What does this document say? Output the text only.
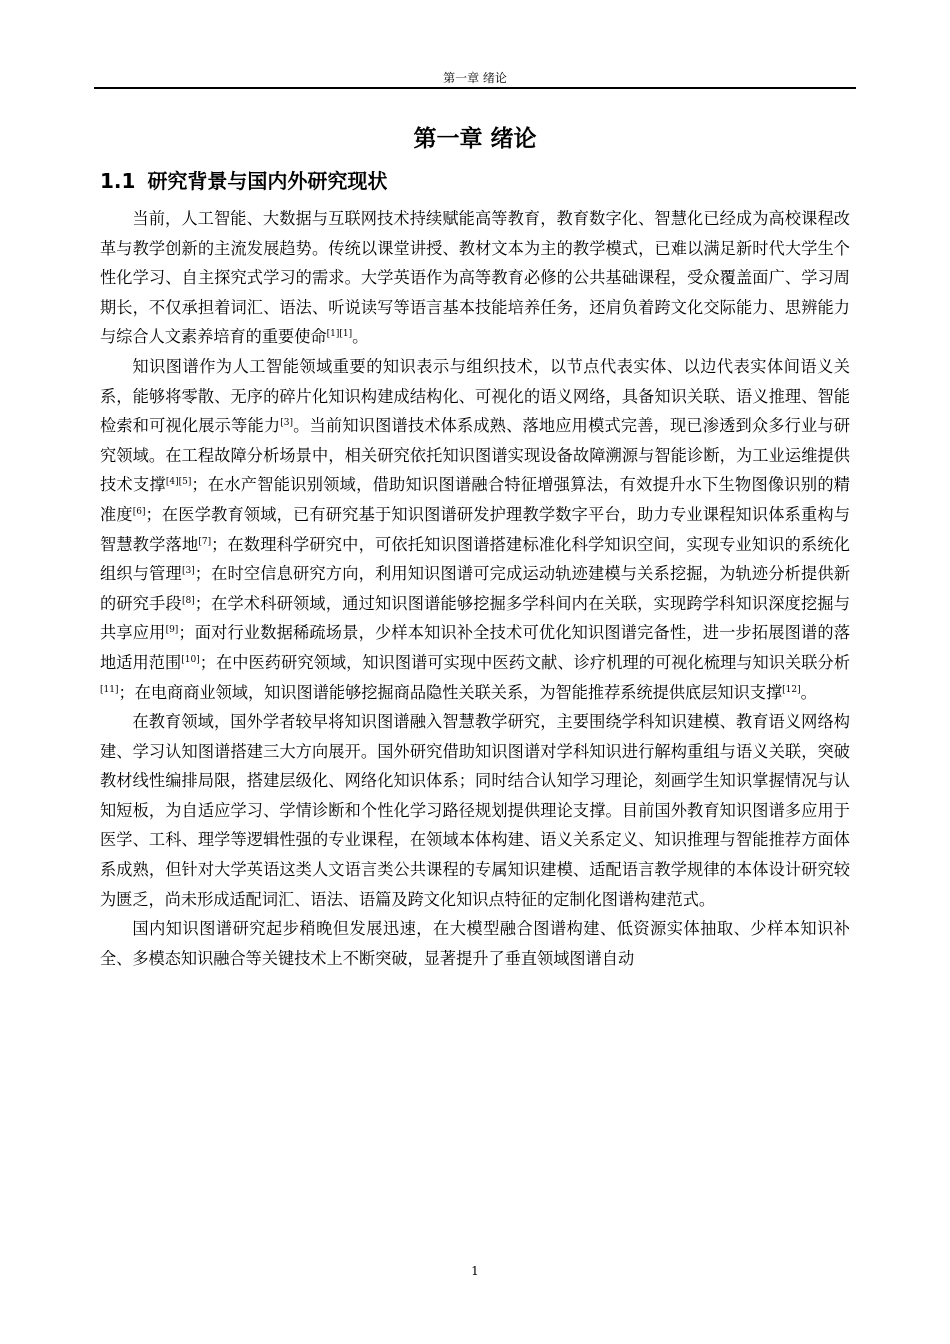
第一章 绪论
第一章 绪论
1.1 研究背景与国内外研究现状

当前，人工智能、大数据与互联网技术持续赋能高等教育，教育数字化、智慧化已经成为高校课程改革与教学创新的主流发展趋势。传统以课堂讲授、教材文本为主的教学模式，已难以满足新时代大学生个性化学习、自主探究式学习的需求。大学英语作为高等教育必修的公共基础课程，受众覆盖面广、学习周期长，不仅承担着词汇、语法、听说读写等语言基本技能培养任务，还肩负着跨文化交际能力、思辨能力与综合人文素养培育的重要使命[1][1]。

知识图谱作为人工智能领域重要的知识表示与组织技术，以节点代表实体、以边代表实体间语义关系，能够将零散、无序的碎片化知识构建成结构化、可视化的语义网络，具备知识关联、语义推理、智能检索和可视化展示等能力[3]。当前知识图谱技术体系成熟、落地应用模式完善，现已渗透到众多行业与研究领域。在工程故障分析场景中，相关研究依托知识图谱实现设备故障溯源与智能诊断，为工业运维提供技术支撑[4][5]；在水产智能识别领域，借助知识图谱融合特征增强算法，有效提升水下生物图像识别的精准度[6]；在医学教育领域，已有研究基于知识图谱研发护理教学数字平台，助力专业课程知识体系重构与智慧教学落地[7]；在数理科学研究中，可依托知识图谱搭建标准化科学知识空间，实现专业知识的系统化组织与管理[3]；在时空信息研究方向，利用知识图谱可完成运动轨迹建模与关系挖掘，为轨迹分析提供新的研究手段[8]；在学术科研领域，通过知识图谱能够挖掘多学科间内在关联，实现跨学科知识深度挖掘与共享应用[9]；面对行业数据稀疏场景，少样本知识补全技术可优化知识图谱完备性，进一步拓展图谱的落地适用范围[10]；在中医药研究领域，知识图谱可实现中医药文献、诊疗机理的可视化梳理与知识关联分析[11]；在电商商业领域，知识图谱能够挖掘商品隐性关联关系，为智能推荐系统提供底层知识支撑[12]。

在教育领域，国外学者较早将知识图谱融入智慧教学研究，主要围绕学科知识建模、教育语义网络构建、学习认知图谱搭建三大方向展开。国外研究借助知识图谱对学科知识进行解构重组与语义关联，突破教材线性编排局限，搭建层级化、网络化知识体系；同时结合认知学习理论，刻画学生知识掌握情况与认知短板，为自适应学习、学情诊断和个性化学习路径规划提供理论支撑。目前国外教育知识图谱多应用于医学、工科、理学等逻辑性强的专业课程，在领域本体构建、语义关系定义、知识推理与智能推荐方面体系成熟，但针对大学英语这类人文语言类公共课程的专属知识建模、适配语言教学规律的本体设计研究较为匮乏，尚未形成适配词汇、语法、语篇及跨文化知识点特征的定制化图谱构建范式。

国内知识图谱研究起步稍晚但发展迅速，在大模型融合图谱构建、低资源实体抽取、少样本知识补全、多模态知识融合等关键技术上不断突破，显著提升了垂直领域图谱自动

1
